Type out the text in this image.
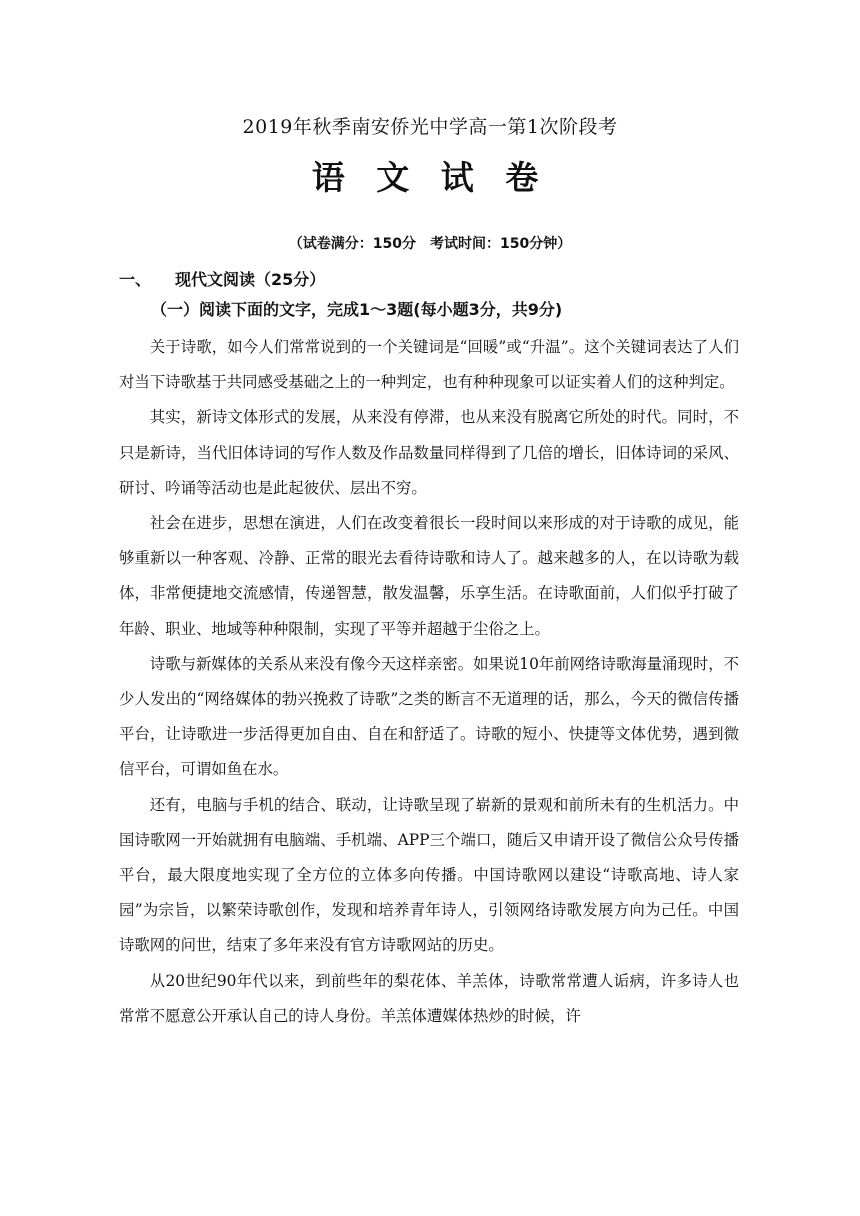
2019年秋季南安侨光中学高一第1次阶段考
语 文 试 卷
（试卷满分：150分　考试时间：150分钟）
一、 现代文阅读（25分）
（一）阅读下面的文字，完成1～3题(每小题3分，共9分)

关于诗歌，如今人们常常说到的一个关键词是“回暖”或“升温”。这个关键词表达了人们对当下诗歌基于共同感受基础之上的一种判定，也有种种现象可以证实着人们的这种判定。

其实，新诗文体形式的发展，从来没有停滞，也从来没有脱离它所处的时代。同时，不只是新诗，当代旧体诗词的写作人数及作品数量同样得到了几倍的增长，旧体诗词的采风、研讨、吟诵等活动也是此起彼伏、层出不穷。

社会在进步，思想在演进，人们在改变着很长一段时间以来形成的对于诗歌的成见，能够重新以一种客观、冷静、正常的眼光去看待诗歌和诗人了。越来越多的人，在以诗歌为载体，非常便捷地交流感情，传递智慧，散发温馨，乐享生活。在诗歌面前，人们似乎打破了年龄、职业、地域等种种限制，实现了平等并超越于尘俗之上。

诗歌与新媒体的关系从来没有像今天这样亲密。如果说10年前网络诗歌海量涌现时，不少人发出的“网络媒体的勃兴挽救了诗歌”之类的断言不无道理的话，那么，今天的微信传播平台，让诗歌进一步活得更加自由、自在和舒适了。诗歌的短小、快捷等文体优势，遇到微信平台，可谓如鱼在水。

还有，电脑与手机的结合、联动，让诗歌呈现了崭新的景观和前所未有的生机活力。中国诗歌网一开始就拥有电脑端、手机端、APP三个端口，随后又申请开设了微信公众号传播平台，最大限度地实现了全方位的立体多向传播。中国诗歌网以建设“诗歌高地、诗人家园”为宗旨，以繁荣诗歌创作，发现和培养青年诗人，引领网络诗歌发展方向为己任。中国诗歌网的问世，结束了多年来没有官方诗歌网站的历史。

从20世纪90年代以来，到前些年的梨花体、羊羔体，诗歌常常遭人诟病，许多诗人也常常不愿意公开承认自己的诗人身份。羊羔体遭媒体热炒的时候，许
